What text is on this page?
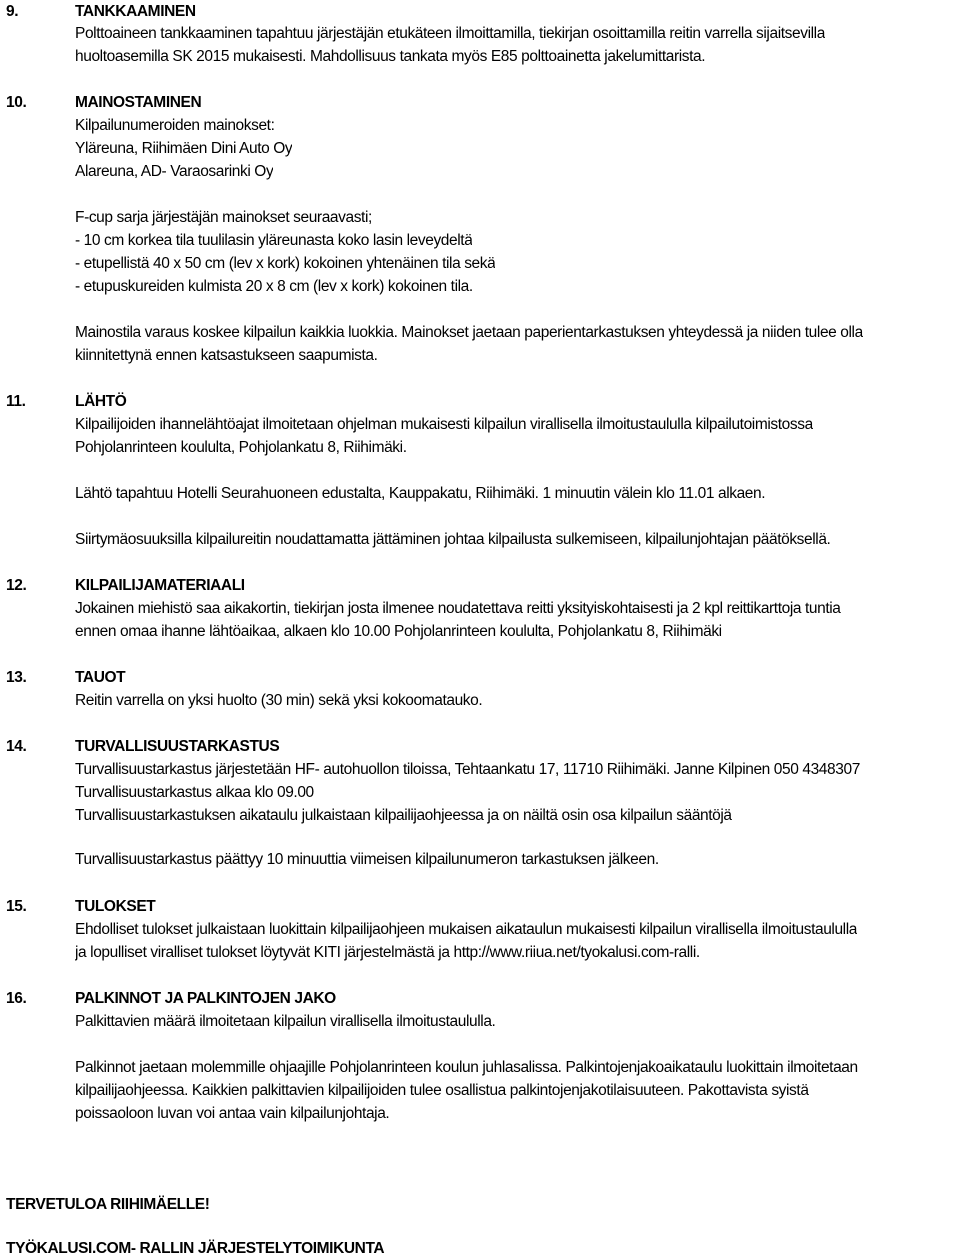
9.	TANKKAAMINEN
Polttoaineen tankkaaminen tapahtuu järjestäjän etukäteen ilmoittamilla, tiekirjan osoittamilla reitin varrella sijaitsevilla
huoltoasemilla SK 2015 mukaisesti. Mahdollisuus tankata myös E85 polttoainetta jakelumittarista.
10.	MAINOSTAMINEN
Kilpailunumeroiden mainokset:
Yläreuna, Riihimäen Dini Auto Oy
Alareuna, AD- Varaosarinki Oy
F-cup sarja järjestäjän mainokset seuraavasti;
- 10 cm korkea tila tuulilasin yläreunasta koko lasin leveydeltä
- etupellistä 40 x 50 cm (lev x kork) kokoinen yhtenäinen tila sekä
- etupuskureiden kulmista 20 x 8 cm (lev x kork) kokoinen tila.
Mainostila varaus koskee kilpailun kaikkia luokkia. Mainokset jaetaan paperientarkastuksen yhteydessä ja niiden tulee olla
kiinnitettynä ennen katsastukseen saapumista.
11.	LÄHTÖ
Kilpailijoiden ihannelähtöajat ilmoitetaan ohjelman mukaisesti kilpailun virallisella ilmoitustaululla kilpailutoimistossa
Pohjolanrinteen koululta, Pohjolankatu 8, Riihimäki.
Lähtö tapahtuu Hotelli Seurahuoneen edustalta, Kauppakatu, Riihimäki. 1 minuutin välein klo 11.01 alkaen.
Siirtymäosuuksilla kilpailureitin noudattamatta jättäminen johtaa kilpailusta sulkemiseen, kilpailunjohtajan päätöksellä.
12.	KILPAILIJAMATERIAALI
Jokainen miehistö saa aikakortin, tiekirjan josta ilmenee noudatettava reitti yksityiskohtaisesti ja 2 kpl reittikarttoja tuntia
ennen omaa ihanne lähtöaikaa, alkaen klo 10.00 Pohjolanrinteen koululta, Pohjolankatu 8, Riihimäki
13.	TAUOT
Reitin varrella on yksi huolto (30 min) sekä yksi kokoomatauko.
14.	TURVALLISUUSTARKASTUS
Turvallisuustarkastus järjestetään HF- autohuollon tiloissa, Tehtaankatu 17, 11710 Riihimäki. Janne Kilpinen 050 4348307
Turvallisuustarkastus alkaa klo 09.00
Turvallisuustarkastuksen aikataulu julkaistaan kilpailijaohjeessa ja on näiltä osin osa kilpailun sääntöjä
Turvallisuustarkastus päättyy 10 minuuttia viimeisen kilpailunumeron tarkastuksen jälkeen.
15.	TULOKSET
Ehdolliset tulokset julkaistaan luokittain kilpailijaohjeen mukaisen aikataulun mukaisesti kilpailun virallisella ilmoitustaululla
ja lopulliset viralliset tulokset löytyvät KITI järjestelmästä ja http://www.riiua.net/tyokalusi.com-ralli.
16.	PALKINNOT JA PALKINTOJEN JAKO
Palkittavien määrä ilmoitetaan kilpailun virallisella ilmoitustaululla.
Palkinnot jaetaan molemmille ohjaajille Pohjolanrinteen koulun juhlasalissa. Palkintojenjakoaikataulu luokittain ilmoitetaan
kilpailijaohjeessa. Kaikkien palkittavien kilpailijoiden tulee osallistua palkintojenjakotilaisuuteen. Pakottavista syistä
poissaoloon luvan voi antaa vain kilpailunjohtaja.
TERVETULOA RIIHIMÄELLE!
TYÖKALUSI.COM- RALLIN JÄRJESTELYTOIMIKUNTA
